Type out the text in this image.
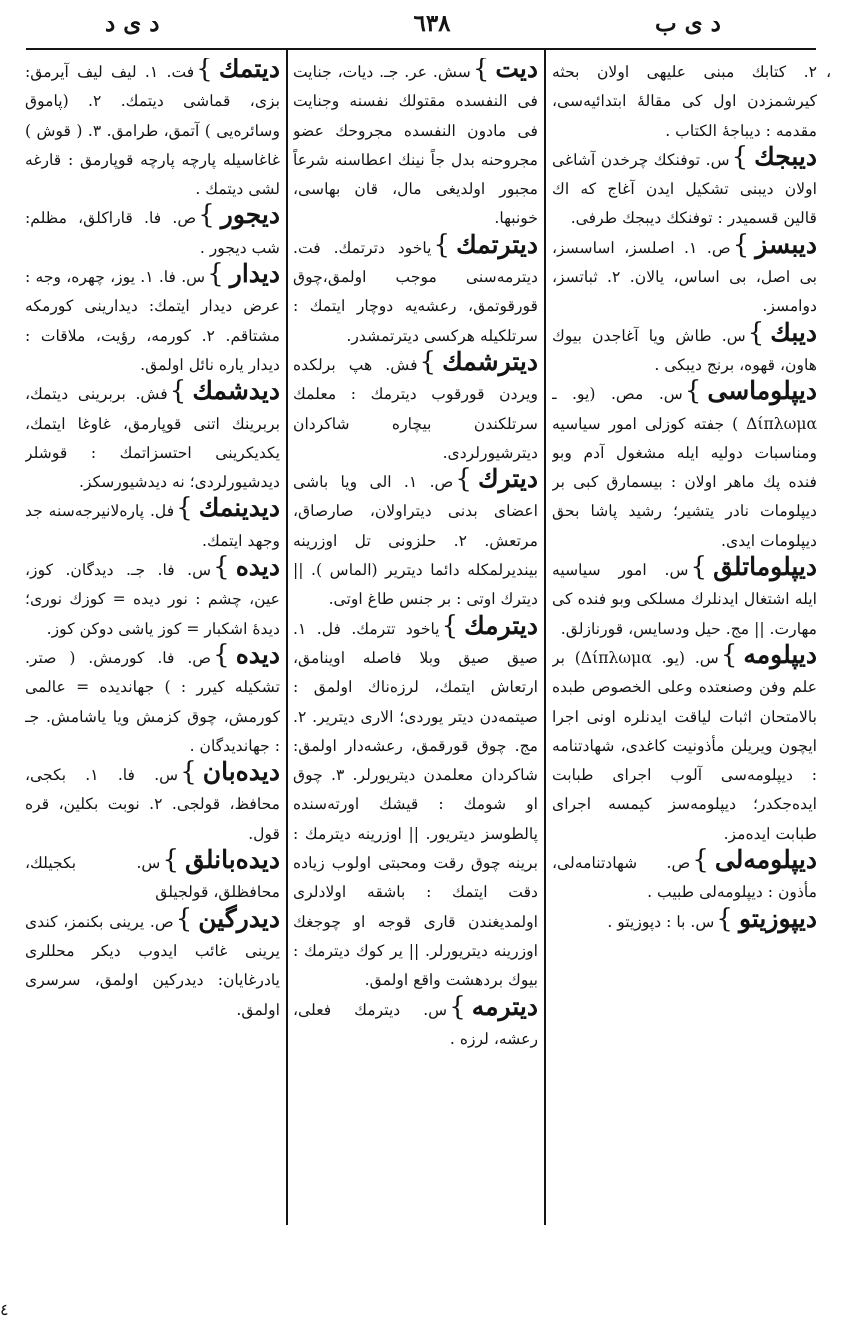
د ی د	٦٣٨	د ی ب
،
٤
۲. کتابك مبنی علیهی اولان بحثه کیرشمزدن اول کی مقالهٔ ابتدائیه‌سی، مقدمه : دیباجهٔ الکتاب .
دیبجك}س. توفنكك چرخدن آشاغی اولان دیبنی تشکیل ایدن آغاج که اك قالین قسمیدر : توفنكك دیبجك طرفی.
دیبسز}ص. ۱. اصلسز، اساسسز، بی اصل، بی اساس، یالان. ۲. ثباتسز، دوامسز.
دیبك}س. طاش ویا آغاجدن بیوك هاون، قهوه، برنج دیبکی .
دیپلوماسی}س. مص. (یو. ـ Δίπλωμα ) جفته کوزلی امور سیاسیه ومناسبات دولیه ایله مشغول آدم وبو فنده پك ماهر اولان : بیسمارق کبی بر دیپلومات نادر یتشیر؛ رشید پاشا بحق دیپلومات ایدی.
دیپلوماتلق}س. امور سیاسیه ایله اشتغال ایدنلرك مسلکی وبو فنده کی مهارت. || مج. حیل ودسایس، قورنازلق.
دیپلومه}س. (یو. Δίπλωμα) بر علم وفن وصنعتده وعلی الخصوص طبده بالامتحان اثبات لیاقت ایدنلره اونی اجرا ایچون ویریلن مأذونیت کاغدی، شهادتنامه : دیپلومه‌سی آلوب اجرای طبابت ایده‌جکدر؛ دیپلومه‌سز کیمسه اجرای طبابت ایده‌مز.
دیپلومه‌لی}ص. شهادتنامه‌لی، مأذون : دیپلومه‌لی طبیب .
دیپوزیتو}س. با : دپوزیتو .
دیت}سش. عر. جـ. دیات، جنایت فی النفسده مقتولك نفسنه وجنایت فی مادون النفسده مجروحك عضو مجروحنه بدل جاً نینك اعطاسنه شرعاً مجبور اولدیغی مال، قان بهاسی، خونبها.
دیترتمك}یاخود دترتمك. فت. دیترمه‌سنی موجب اولمق،چوق قورقوتمق، رعشه‌یه دوچار ایتمك : سرتلکیله هرکسی دیترتمشدر.
دیترشمك}فش. هپ برلکده ویردن قورقوب دیترمك : معلمك سرتلکندن بیچاره شاکردان دیترشیورلردی.
دیترك}ص. ۱. الی ویا باشی اعضای بدنی دیتراولان، صارصاق، مرتعش. ۲. حلزونی تل اوزرینه بیندیرلمکله دائما دیتریر (الماس ). || دیترك اوتی : بر جنس طاغ اوتی.
دیترمك}یاخود تترمك. فل. ۱. صیق صیق وبلا فاصله اوینامق، ارتعاش ایتمك، لرزه‌ناك اولمق : صیتمه‌دن دیتر یوردی؛ الاری دیتریر. ۲. مج. چوق قورقمق، رعشه‌دار اولمق: شاکردان معلمدن دیتریورلر. ۳. چوق او شومك : قیشك اورته‌سنده پالطوسز دیتریور. || اوزرینه دیترمك : برینه چوق رقت ومحبتی اولوب زیاده دقت ایتمك : باشقه اولادلری اولمدیغندن قاری قوجه او چوجغك اوزرینه دیتریورلر. || یر کوك دیترمك : بیوك بردهشت واقع اولمق.
دیترمه}س. دیترمك فعلی، رعشه، لرزه .
دیتمك}فت. ۱. لیف لیف آیرمق: بزی، قماشی دیتمك. ۲. (پاموق وسائره‌یی ) آتمق، طرامق. ۳. ( قوش ) غاغاسیله پارچه پارچه قوپارمق : قارغه لشی دیتمك .
دیجور}ص. فا. قاراکلق، مظلم: شب دیجور .
دیدار}س. فا. ۱. یوز، چهره، وجه : عرض دیدار ایتمك: دیدارینی کورمکه مشتاقم. ۲. کورمه، رؤیت، ملاقات : دیدار یاره نائل اولمق.
دیدشمك}فش. بربرینی دیتمك، بربرینك اتنی قوپارمق، غاوغا ایتمك، یکدیکرینی احتسزاتمك : قوشلر دیدشیورلردی؛ نه دیدشیورسکز.
دیدینمك}فل. پاره‌لانیرجه‌سنه جد وجهد ایتمك.
دیده}س. فا. جـ. دیدگان. کوز، عین، چشم : نور دیده = کوزك نوری؛ دیدهٔ اشکبار = کوز یاشی دوکن کوز.
دیده}ص. فا. کورمش. ( صتر. تشکیله کیرر : ) جهاندیده = عالمی کورمش، چوق کزمش ویا یاشامش. جـ : جهاندیدگان .
دیده‌بان}س. فا. ۱. بکجی، محافظ، قولجی. ۲. نوبت بکلین، قره قول.
دیده‌بانلق}س. بکجیلك، محافظلق، قولجیلق
دیدرگین}ص. یرینی بکنمز، کندی یرینی غائب ایدوب دیکر محللری یادرغایان: دیدرکین اولمق، سرسری اولمق.
